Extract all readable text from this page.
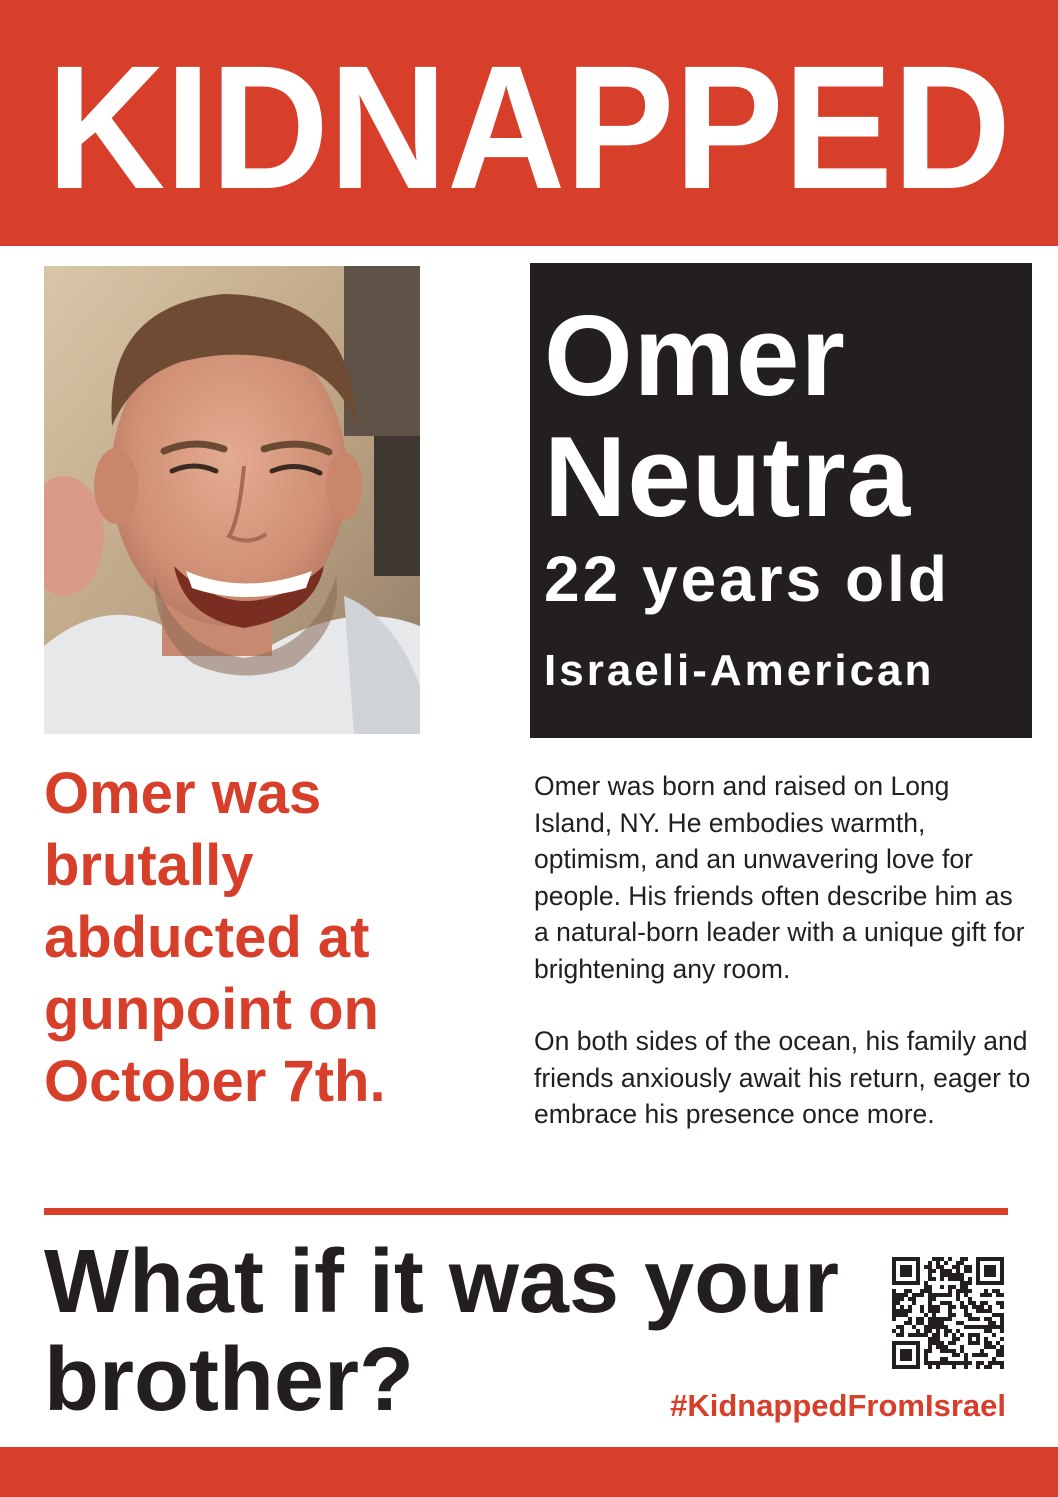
KIDNAPPED
Omer
Neutra
22 years old
Israeli-American
Omer was
brutally
abducted at
gunpoint on
October 7th.

Omer was born and raised on Long Island, NY. He embodies warmth, optimism, and an unwavering love for people. His friends often describe him as a natural-born leader with a unique gift for brightening any room.

On both sides of the ocean, his family and friends anxiously await his return, eager to embrace his presence once more.

What if it was your
brother?	#KidnappedFromIsrael
